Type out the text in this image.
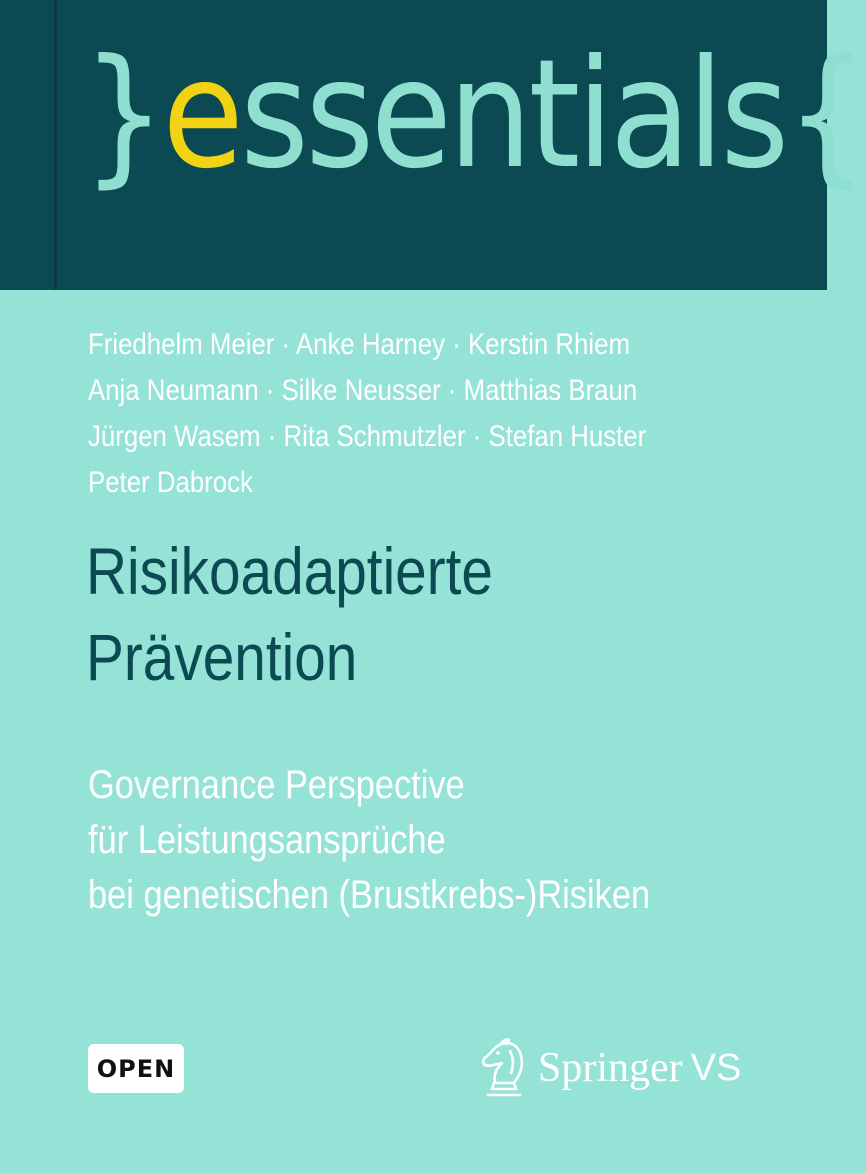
}essentials{
Friedhelm Meier · Anke Harney · Kerstin Rhiem
Anja Neumann · Silke Neusser · Matthias Braun
Jürgen Wasem · Rita Schmutzler · Stefan Huster
Peter Dabrock
Risikoadaptierte
Prävention
Governance Perspective
für Leistungsansprüche
bei genetischen (Brustkrebs-)Risiken
OPEN	Springer VS
